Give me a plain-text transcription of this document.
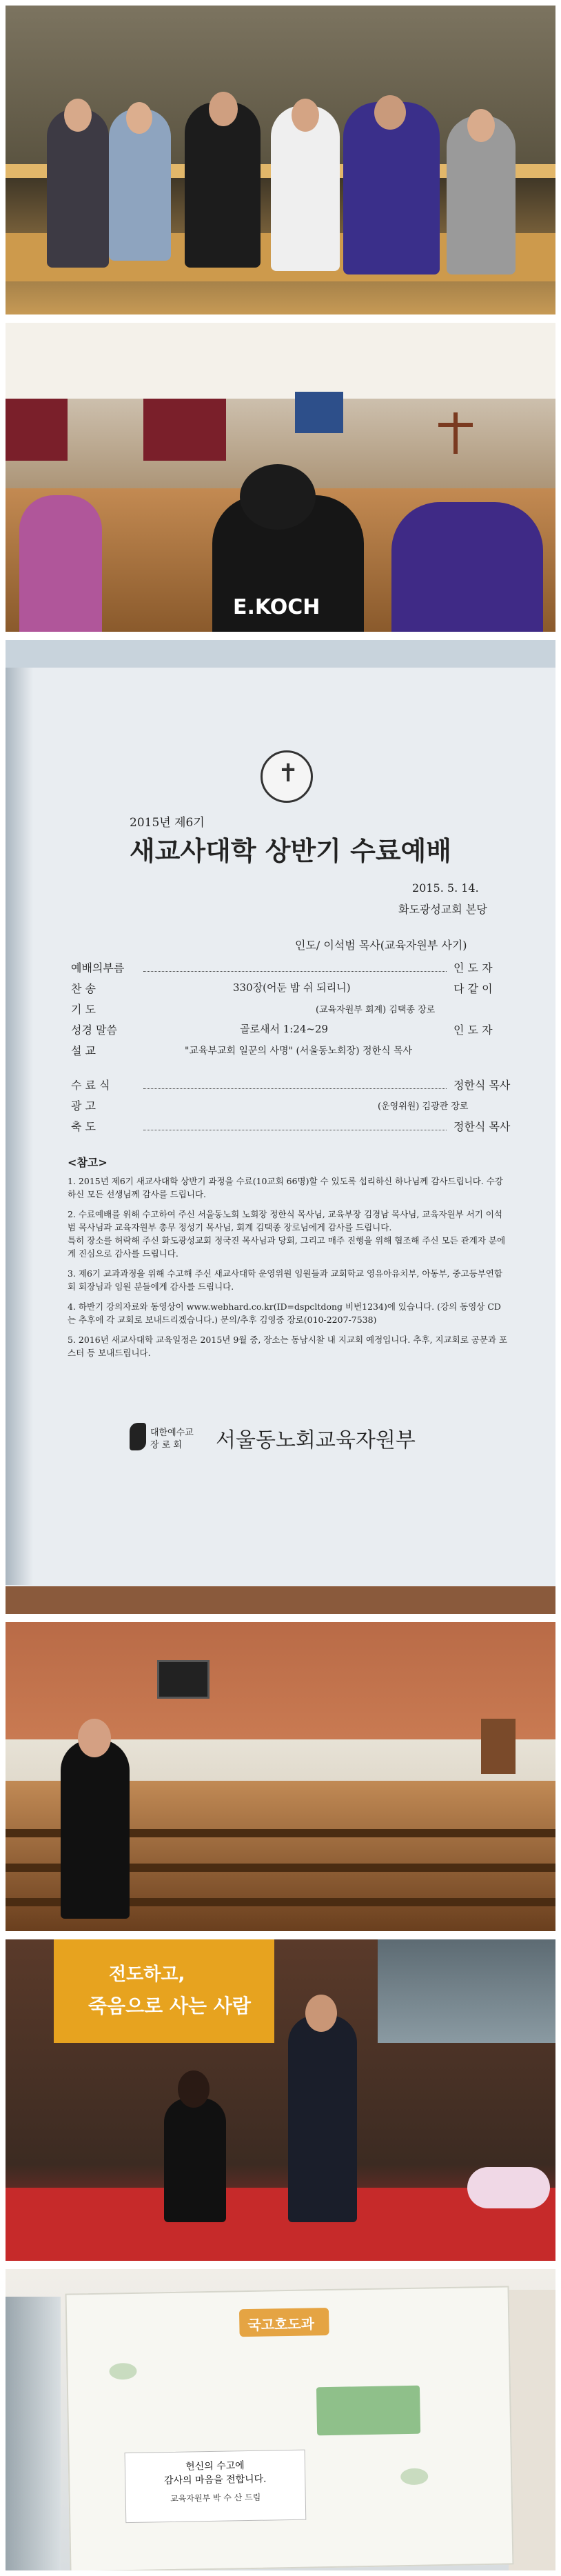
E.KOCH
✝
2015년 제6기
새교사대학 상반기 수료예배
2015. 5. 14.
화도광성교회 본당
인도/ 이석범 목사(교육자원부 사기)
예배의부름	인 도 자
찬 송	330장(어둔 밤 쉬 되리니)	다 같 이
기 도	(교육자원부 회계) 김택종 장로
성경 말씀	골로새서 1:24~29	인 도 자
설 교	"교육부교회 일꾼의 사명" (서울동노회장) 정한식 목사
수 료 식	정한식 목사
광 고	(운영위원) 김광관 장로
축 도	정한식 목사
<참고>
1. 2015년 제6기 새교사대학 상반기 과정을 수료(10교회 66명)할 수 있도록 섭리하신 하나님께 감사드립니다. 수강하신 모든 선생님께 감사를 드립니다.
2. 수료예배를 위해 수고하여 주신 서울동노회 노회장 정한식 목사님, 교육부장 김경남 목사님, 교육자원부 서기 이석범 목사님과 교육자원부 총무 정성기 목사님, 회계 김택종 장로님에게 감사를 드립니다.
특히 장소를 허락해 주신 화도광성교회 정국진 목사님과 당회, 그리고 매주 진행을 위해 협조해 주신 모든 관계자 분에게 진심으로 감사를 드립니다.
3. 제6기 교과과정을 위해 수고해 주신 새교사대학 운영위원 임원들과 교회학교 영유아유치부, 아동부, 중고등부연합회 회장님과 임원 분들에게 감사를 드립니다.
4. 하반기 강의자료와 동영상이 www.webhard.co.kr(ID=dspcltdong 비번1234)에 있습니다. (강의 동영상 CD는 추후에 각 교회로 보내드리겠습니다.) 문의/추후 김영중 장로(010-2207-7538)
5. 2016년 새교사대학 교육일정은 2015년 9월 중, 장소는 동남시찰 내 지교회 예정입니다. 추후, 지교회로 공문과 포스터 등 보내드립니다.
대한예수교
장 로 회 서울동노회교육자원부
전도하고,
죽음으로 사는 사람
국고호도과
헌신의 수고에
감사의 마음을 전합니다.
교육자원부 박 수 산 드림
